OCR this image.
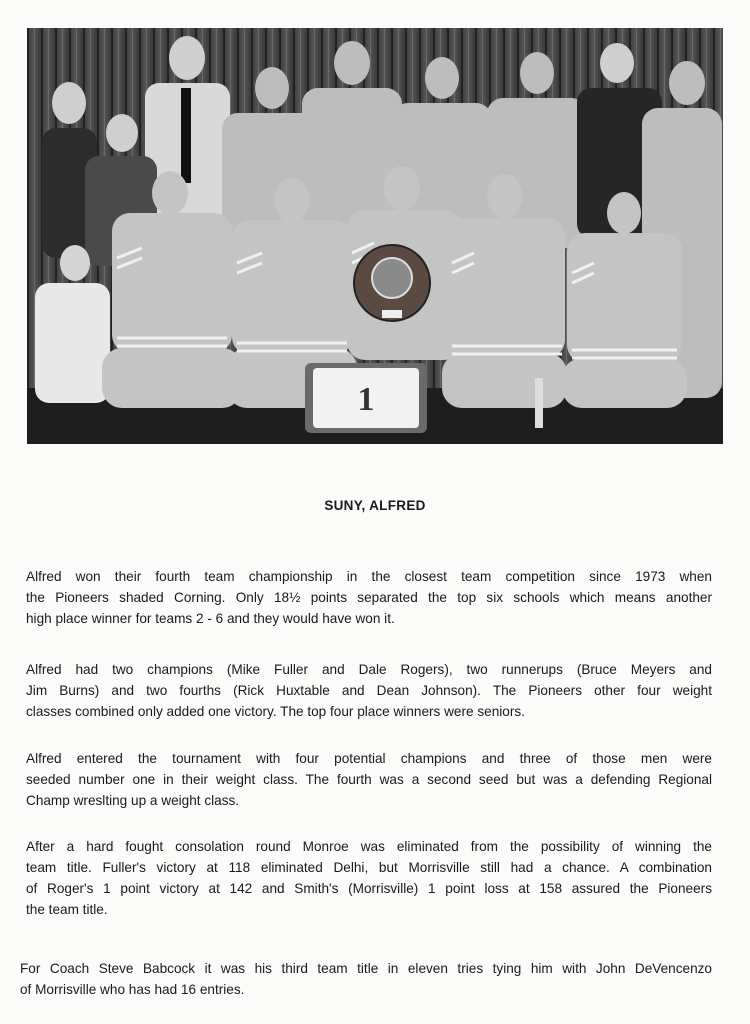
1
SUNY, ALFRED
Alfred won their fourth team championship in the closest team competition since 1973 when
the Pioneers shaded Corning. Only 18½ points separated the top six schools which means another
high place winner for teams 2 - 6 and they would have won it.
Alfred had two champions (Mike Fuller and Dale Rogers), two runnerups (Bruce Meyers and
Jim Burns) and two fourths (Rick Huxtable and Dean Johnson). The Pioneers other four weight
classes combined only added one victory. The top four place winners were seniors.
Alfred entered the tournament with four potential champions and three of those men were
seeded number one in their weight class. The fourth was a second seed but was a defending Regional
Champ wreslting up a weight class.
After a hard fought consolation round Monroe was eliminated from the possibility of winning the
team title. Fuller's victory at 118 eliminated Delhi, but Morrisville still had a chance. A combination
of Roger's 1 point victory at 142 and Smith's (Morrisville) 1 point loss at 158 assured the Pioneers
the team title.
For Coach Steve Babcock it was his third team title in eleven tries tying him with John DeVencenzo
of Morrisville who has had 16 entries.
